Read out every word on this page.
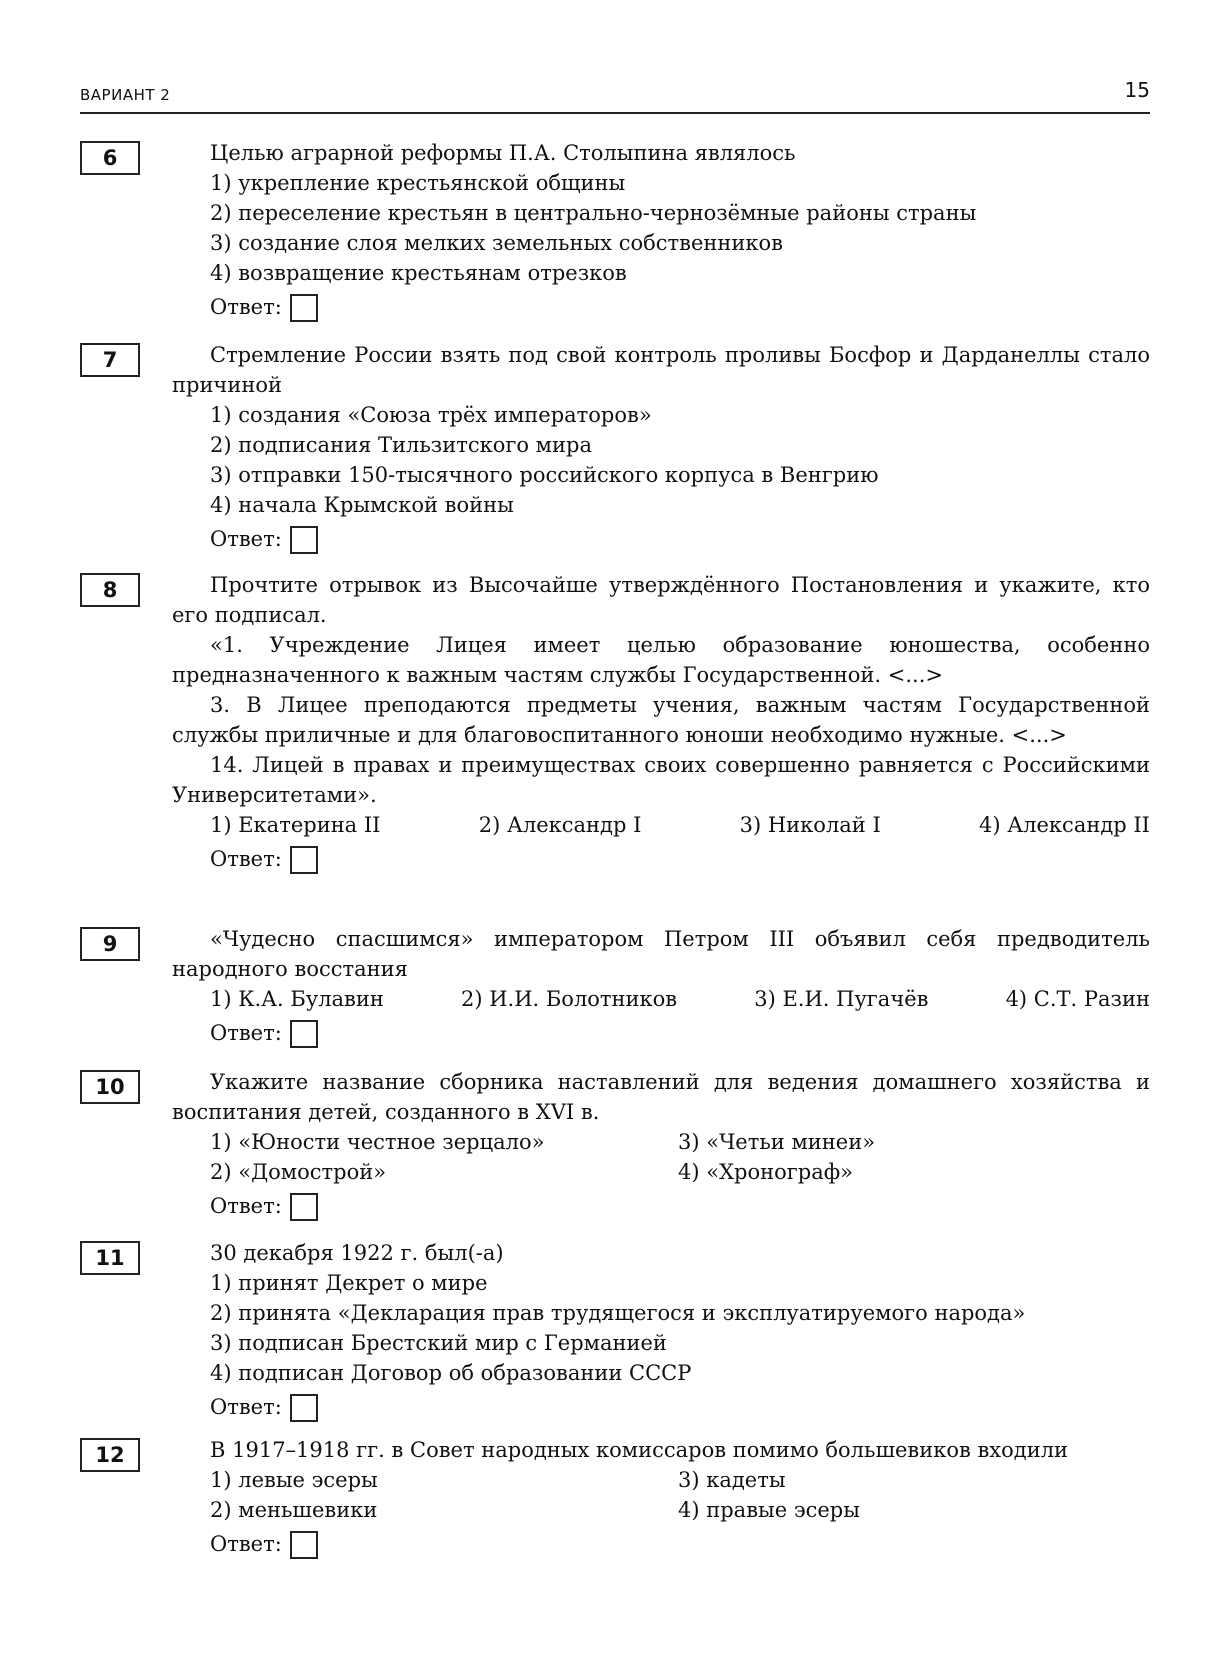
ВАРИАНТ 2	15
6	Целью аграрной реформы П.А. Столыпина являлось

1) укрепление крестьянской общины

2) переселение крестьян в центрально-чернозёмные районы страны

3) создание слоя мелких земельных собственников

4) возвращение крестьянам отрезков

Ответ:
7	Стремление России взять под свой контроль проливы Босфор и Дарданеллы стало причиной

1) создания «Союза трёх императоров»

2) подписания Тильзитского мира

3) отправки 150-тысячного российского корпуса в Венгрию

4) начала Крымской войны

Ответ:
8	Прочтите отрывок из Высочайше утверждённого Постановления и укажите, кто его подписал.

«1. Учреждение Лицея имеет целью образование юношества, особенно предназначенного к важным частям службы Государственной. <...>

3. В Лицее преподаются предметы учения, важным частям Государственной службы приличные и для благовоспитанного юноши необходимо нужные. <...>

14. Лицей в правах и преимуществах своих совершенно равняется с Российскими Университетами».

1) Екатерина II	2) Александр I	3) Николай I	4) Александр II
Ответ:
9	«Чудесно спасшимся» императором Петром III объявил себя предводитель народного восстания

1) К.А. Булавин	2) И.И. Болотников	3) Е.И. Пугачёв	4) С.Т. Разин
Ответ:
10	Укажите название сборника наставлений для ведения домашнего хозяйства и воспитания детей, созданного в XVI в.

1) «Юности честное зерцало»	3) «Четьи минеи»
2) «Домострой»	4) «Хронограф»
Ответ:
11	30 декабря 1922 г. был(-а)

1) принят Декрет о мире

2) принята «Декларация прав трудящегося и эксплуатируемого народа»

3) подписан Брестский мир с Германией

4) подписан Договор об образовании СССР

Ответ:
12	В 1917–1918 гг. в Совет народных комиссаров помимо большевиков входили

1) левые эсеры	3) кадеты
2) меньшевики	4) правые эсеры
Ответ:
